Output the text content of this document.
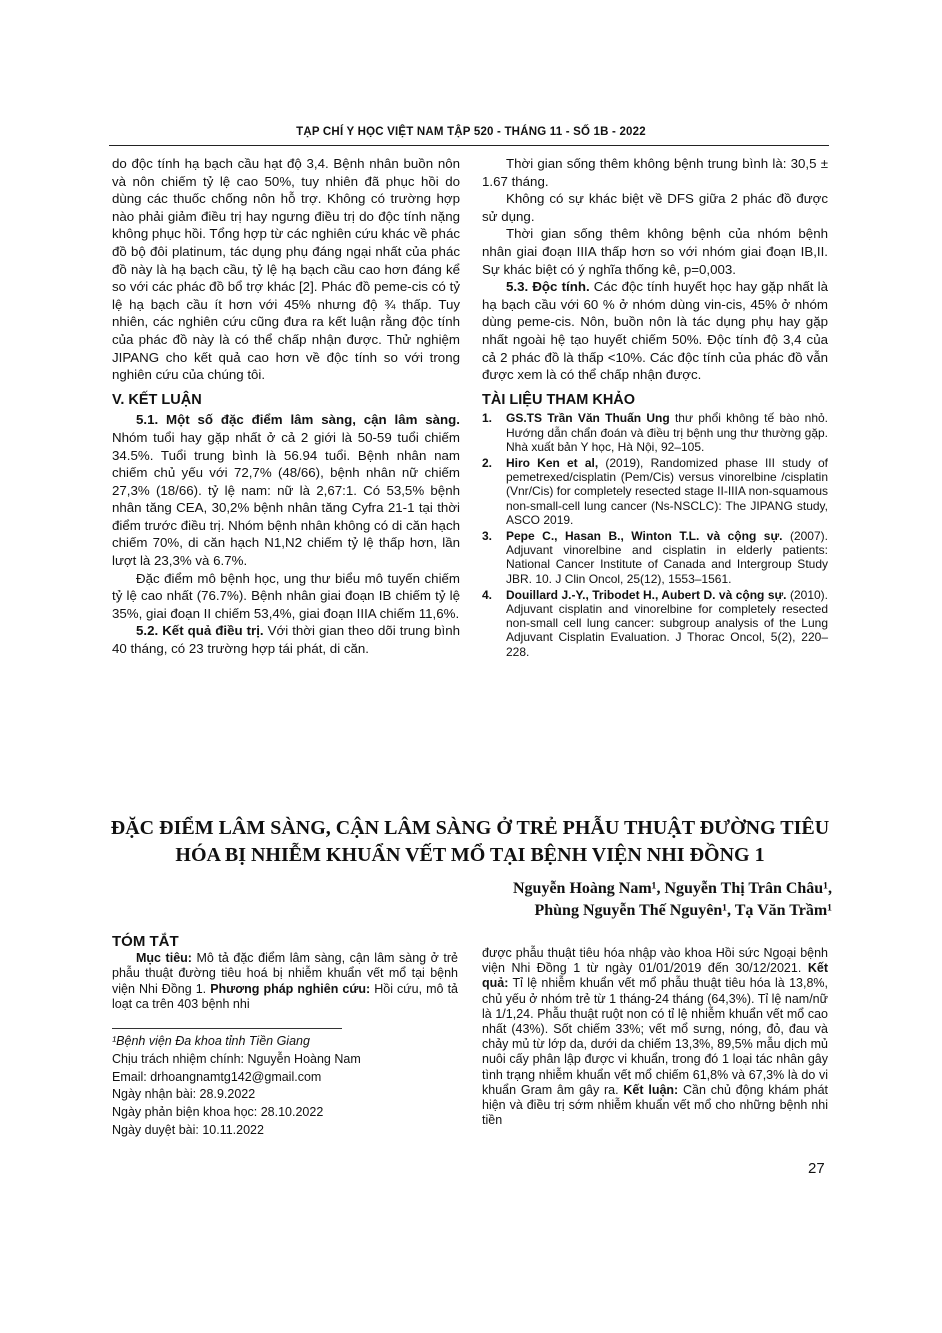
TẠP CHÍ Y HỌC VIỆT NAM TẬP 520 - THÁNG 11 - SỐ 1B - 2022

do độc tính hạ bạch cầu hạt độ 3,4. Bệnh nhân buồn nôn và nôn chiếm tỷ lệ cao 50%, tuy nhiên đã phục hồi do dùng các thuốc chống nôn hỗ trợ. Không có trường hợp nào phải giảm điều trị hay ngưng điều trị do độc tính nặng không phục hồi. Tổng hợp từ các nghiên cứu khác về phác đồ bộ đôi platinum, tác dụng phụ đáng ngại nhất của phác đồ này là hạ bạch cầu, tỷ lệ hạ bạch cầu cao hơn đáng kể so với các phác đồ bổ trợ khác [2]. Phác đồ peme-cis có tỷ lệ hạ bạch cầu ít hơn với 45% nhưng độ ¾ thấp. Tuy nhiên, các nghiên cứu cũng đưa ra kết luận rằng độc tính của phác đồ này là có thể chấp nhận được. Thử nghiệm JIPANG cho kết quả cao hơn về độc tính so với trong nghiên cứu của chúng tôi.

V. KẾT LUẬN

5.1. Một số đặc điểm lâm sàng, cận lâm sàng. Nhóm tuổi hay gặp nhất ở cả 2 giới là 50-59 tuổi chiếm 34.5%. Tuổi trung bình là 56.94 tuổi. Bệnh nhân nam chiếm chủ yếu với 72,7% (48/66), bệnh nhân nữ chiếm 27,3% (18/66). tỷ lệ nam: nữ là 2,67:1. Có 53,5% bệnh nhân tăng CEA, 30,2% bệnh nhân tăng Cyfra 21-1 tại thời điểm trước điều trị. Nhóm bệnh nhân không có di căn hạch chiếm 70%, di căn hạch N1,N2 chiếm tỷ lệ thấp hơn, lần lượt là 23,3% và 6.7%.

Đặc điểm mô bệnh học, ung thư biểu mô tuyến chiếm tỷ lệ cao nhất (76.7%). Bệnh nhân giai đoạn IB chiếm tỷ lệ 35%, giai đoạn II chiếm 53,4%, giai đoạn IIIA chiếm 11,6%.

5.2. Kết quả điều trị. Với thời gian theo dõi trung bình 40 tháng, có 23 trường hợp tái phát, di căn.

Thời gian sống thêm không bệnh trung bình là: 30,5 ± 1.67 tháng.

Không có sự khác biệt về DFS giữa 2 phác đồ được sử dụng.

Thời gian sống thêm không bệnh của nhóm bệnh nhân giai đoạn IIIA thấp hơn so với nhóm giai đoạn IB,II. Sự khác biệt có ý nghĩa thống kê, p=0,003.

5.3. Độc tính. Các độc tính huyết học hay gặp nhất là hạ bạch cầu với 60 % ở nhóm dùng vin-cis, 45% ở nhóm dùng peme-cis. Nôn, buồn nôn là tác dụng phụ hay gặp nhất ngoài hệ tạo huyết chiếm 50%. Độc tính độ 3,4 của cả 2 phác đồ là thấp <10%. Các độc tính của phác đồ vẫn được xem là có thể chấp nhận được.

TÀI LIỆU THAM KHẢO

1. GS.TS Trần Văn Thuấn Ung thư phổi không tế bào nhỏ. Hướng dẫn chẩn đoán và điều trị bệnh ung thư thường gặp. Nhà xuất bản Y học, Hà Nội, 92–105.
2. Hiro Ken et al, (2019), Randomized phase III study of pemetrexed/cisplatin (Pem/Cis) versus vinorelbine /cisplatin (Vnr/Cis) for completely resected stage II-IIIA non-squamous non-small-cell lung cancer (Ns-NSCLC): The JIPANG study, ASCO 2019.
3. Pepe C., Hasan B., Winton T.L. và cộng sự. (2007). Adjuvant vinorelbine and cisplatin in elderly patients: National Cancer Institute of Canada and Intergroup Study JBR. 10. J Clin Oncol, 25(12), 1553–1561.
4. Douillard J.-Y., Tribodet H., Aubert D. và cộng sự. (2010). Adjuvant cisplatin and vinorelbine for completely resected non-small cell lung cancer: subgroup analysis of the Lung Adjuvant Cisplatin Evaluation. J Thorac Oncol, 5(2), 220–228.
ĐẶC ĐIỂM LÂM SÀNG, CẬN LÂM SÀNG Ở TRẺ PHẪU THUẬT ĐƯỜNG TIÊU HÓA BỊ NHIỄM KHUẨN VẾT MỔ TẠI BỆNH VIỆN NHI ĐỒNG 1
Nguyễn Hoàng Nam¹, Nguyễn Thị Trân Châu¹,
Phùng Nguyễn Thế Nguyên¹, Tạ Văn Trầm¹

TÓM TẮT

Mục tiêu: Mô tả đặc điểm lâm sàng, cận lâm sàng ở trẻ phẫu thuật đường tiêu hoá bị nhiễm khuẩn vết mổ tại bệnh viện Nhi Đồng 1. Phương pháp nghiên cứu: Hồi cứu, mô tả loạt ca trên 403 bệnh nhi

được phẫu thuật tiêu hóa nhập vào khoa Hồi sức Ngoại bệnh viện Nhi Đồng 1 từ ngày 01/01/2019 đến 30/12/2021. Kết quả: Tỉ lệ nhiễm khuẩn vết mổ phẫu thuật tiêu hóa là 13,8%, chủ yếu ở nhóm trẻ từ 1 tháng-24 tháng (64,3%). Tỉ lệ nam/nữ là 1/1,24. Phẫu thuật ruột non có tỉ lệ nhiễm khuẩn vết mổ cao nhất (43%). Sốt chiếm 33%; vết mổ sưng, nóng, đỏ, đau và chảy mủ từ lớp da, dưới da chiếm 13,3%, 89,5% mẫu dịch mủ nuôi cấy phân lập được vi khuẩn, trong đó 1 loại tác nhân gây tình trạng nhiễm khuẩn vết mổ chiếm 61,8% và 67,3% là do vi khuẩn Gram âm gây ra. Kết luận: Cần chủ động khám phát hiện và điều trị sớm nhiễm khuẩn vết mổ cho những bệnh nhi tiền

¹Bệnh viện Đa khoa tỉnh Tiền Giang

Chịu trách nhiệm chính: Nguyễn Hoàng Nam

Email: drhoangnamtg142@gmail.com

Ngày nhận bài: 28.9.2022

Ngày phản biện khoa học: 28.10.2022

Ngày duyệt bài: 10.11.2022

27
